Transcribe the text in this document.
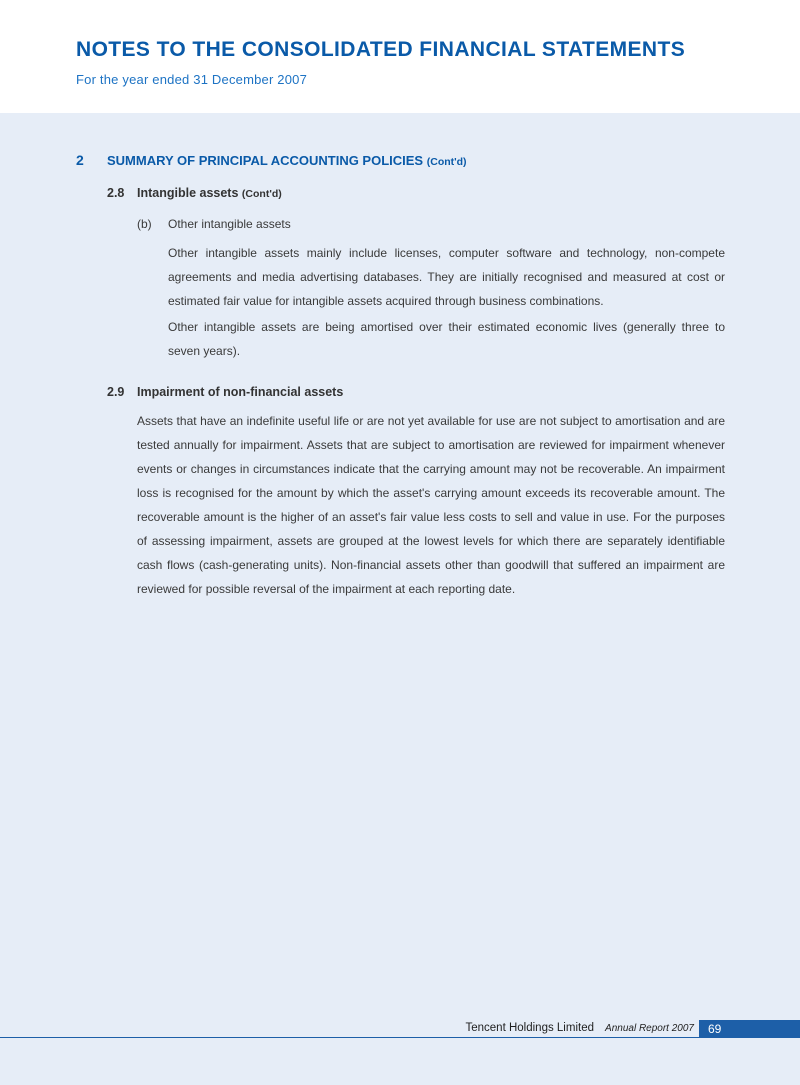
NOTES TO THE CONSOLIDATED FINANCIAL STATEMENTS

For the year ended 31 December 2007

2 SUMMARY OF PRINCIPAL ACCOUNTING POLICIES (Cont'd)
2.8 Intangible assets (Cont'd)
(b) Other intangible assets

Other intangible assets mainly include licenses, computer software and technology, non-compete agreements and media advertising databases. They are initially recognised and measured at cost or estimated fair value for intangible assets acquired through business combinations.

Other intangible assets are being amortised over their estimated economic lives (generally three to seven years).

2.9 Impairment of non-financial assets

Assets that have an indefinite useful life or are not yet available for use are not subject to amortisation and are tested annually for impairment. Assets that are subject to amortisation are reviewed for impairment whenever events or changes in circumstances indicate that the carrying amount may not be recoverable. An impairment loss is recognised for the amount by which the asset's carrying amount exceeds its recoverable amount. The recoverable amount is the higher of an asset's fair value less costs to sell and value in use. For the purposes of assessing impairment, assets are grouped at the lowest levels for which there are separately identifiable cash flows (cash-generating units). Non-financial assets other than goodwill that suffered an impairment are reviewed for possible reversal of the impairment at each reporting date.

Tencent Holdings Limited Annual Report 2007 69
